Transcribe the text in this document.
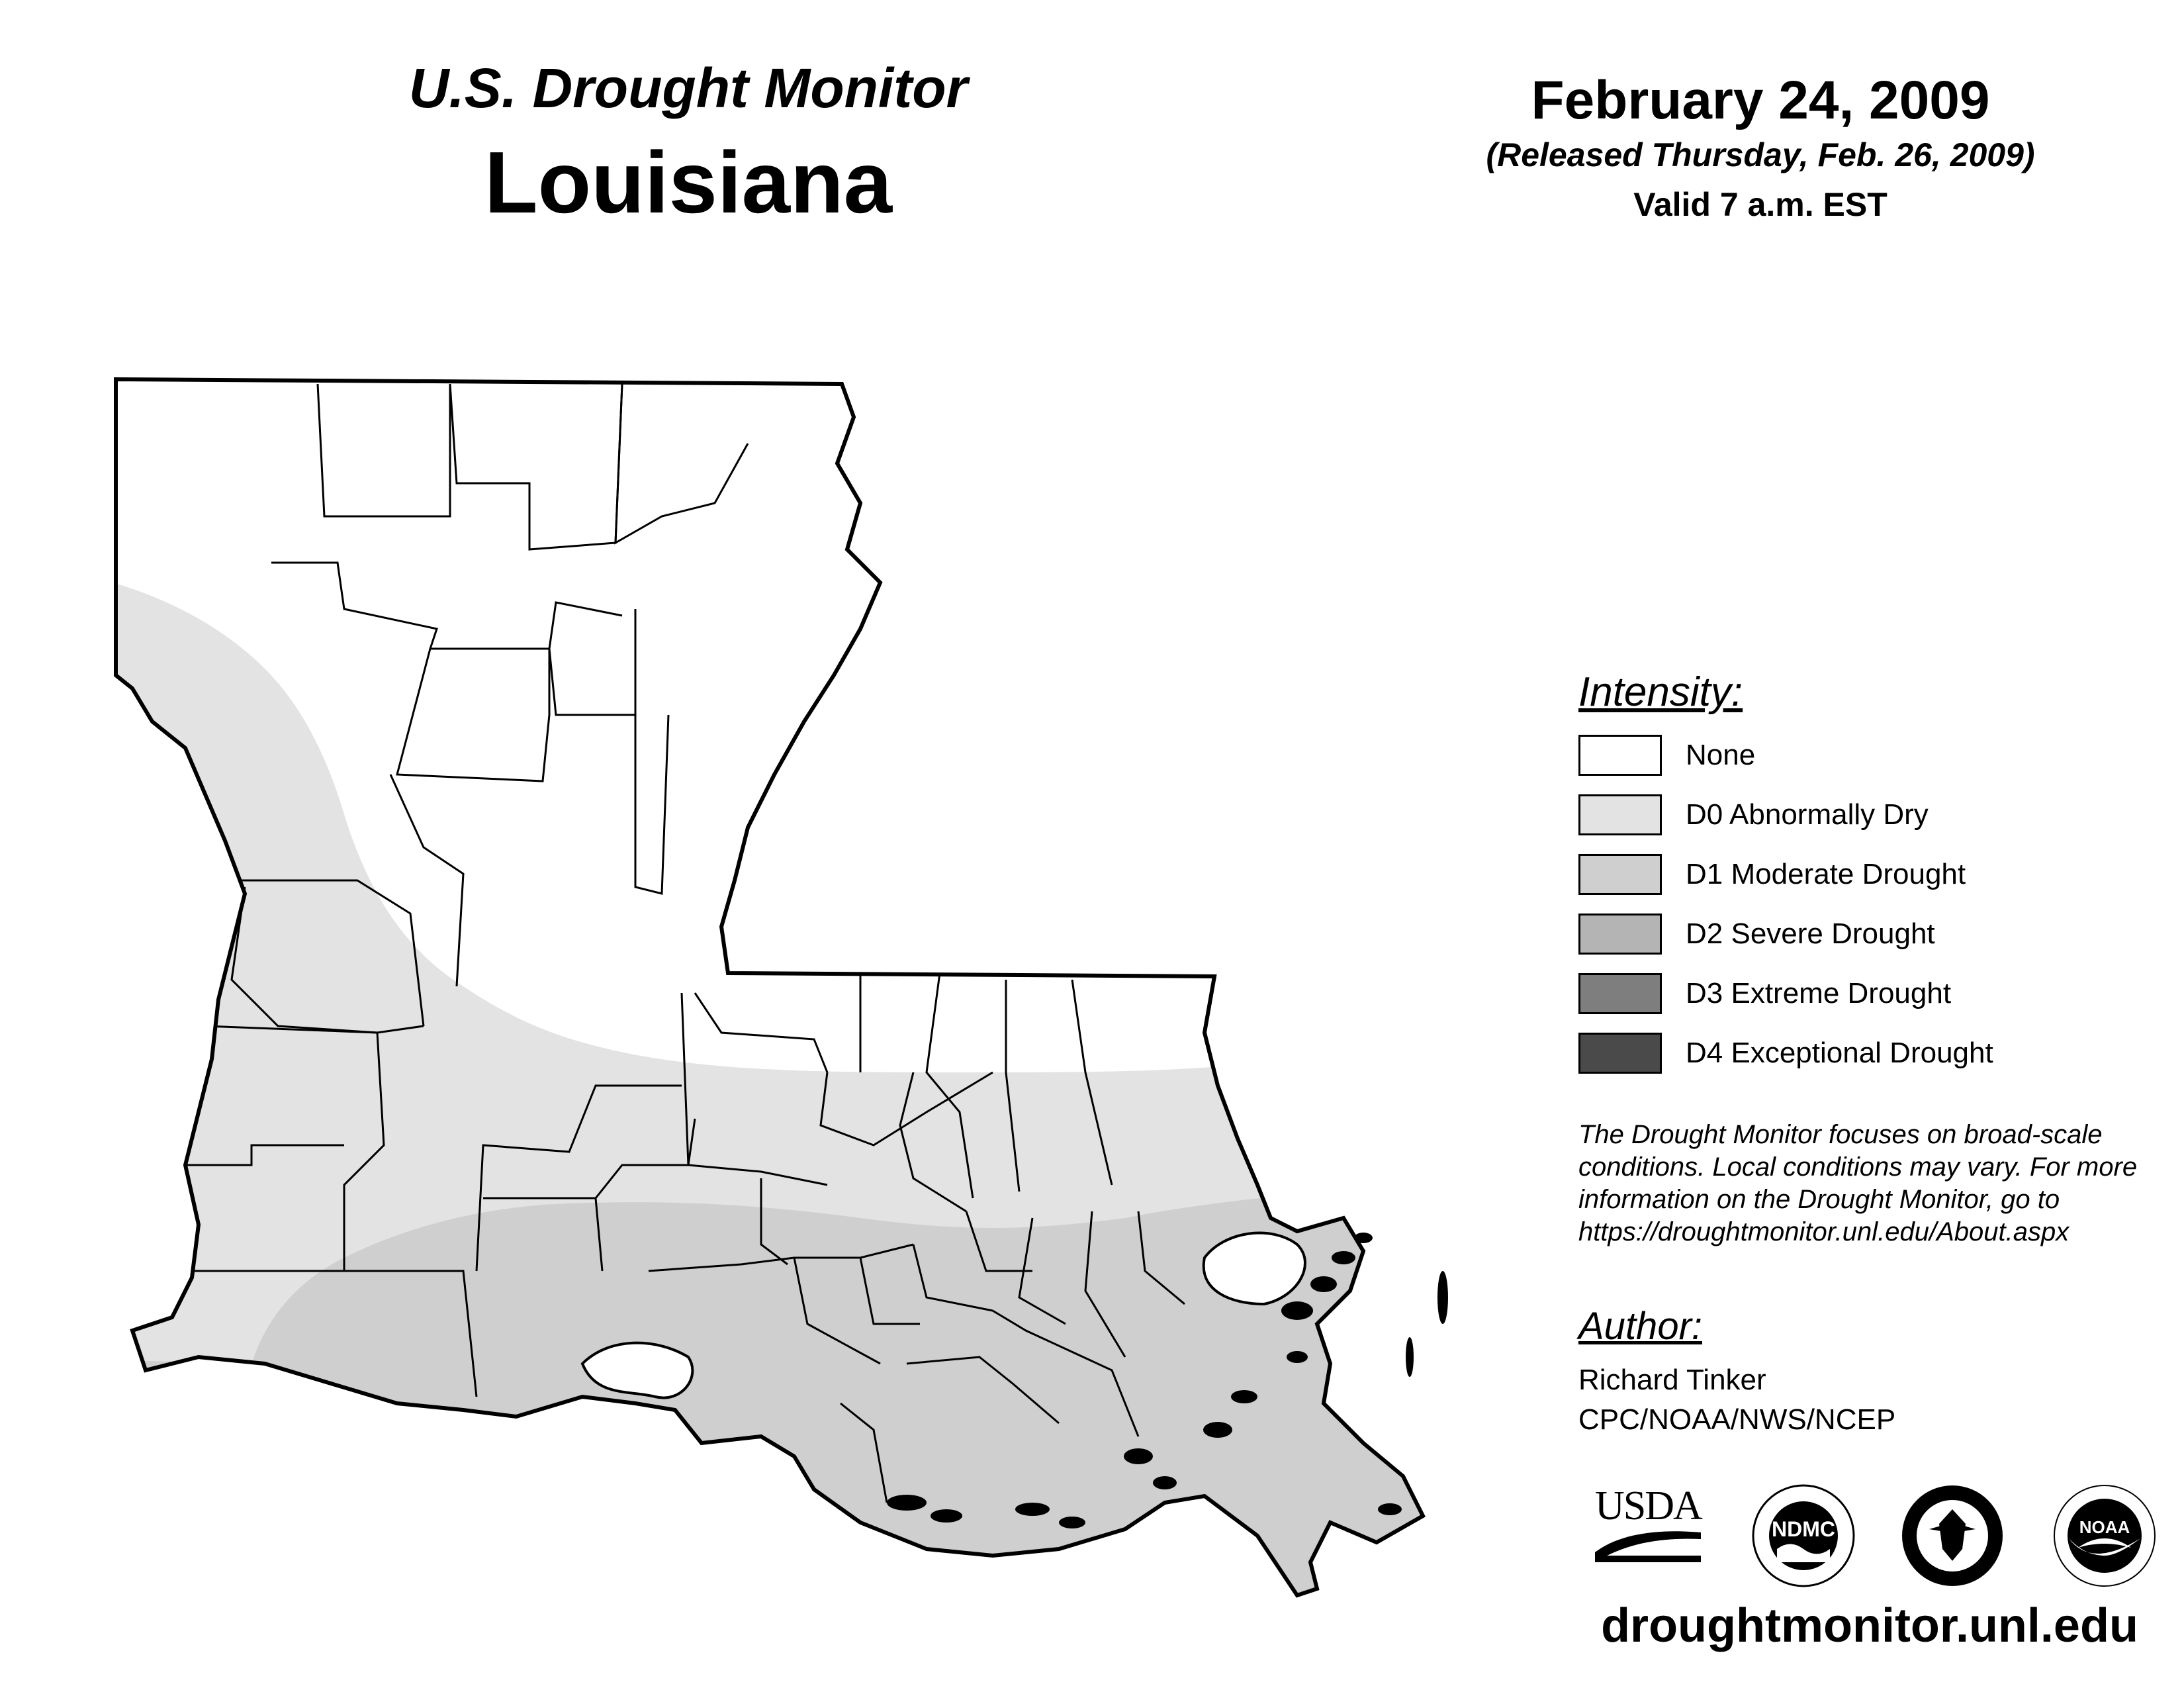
U.S. Drought Monitor
Louisiana
February 24, 2009
(Released Thursday, Feb. 26, 2009)
Valid 7 a.m. EST
Intensity:
None
D0 Abnormally Dry
D1 Moderate Drought
D2 Severe Drought
D3 Extreme Drought
D4 Exceptional Drought
The Drought Monitor focuses on broad-scale conditions. Local conditions may vary. For more information on the Drought Monitor, go to https://droughtmonitor.unl.edu/About.aspx
Author:
Richard Tinker
CPC/NOAA/NWS/NCEP
USDA
NDMC	NOAA
droughtmonitor.unl.edu
